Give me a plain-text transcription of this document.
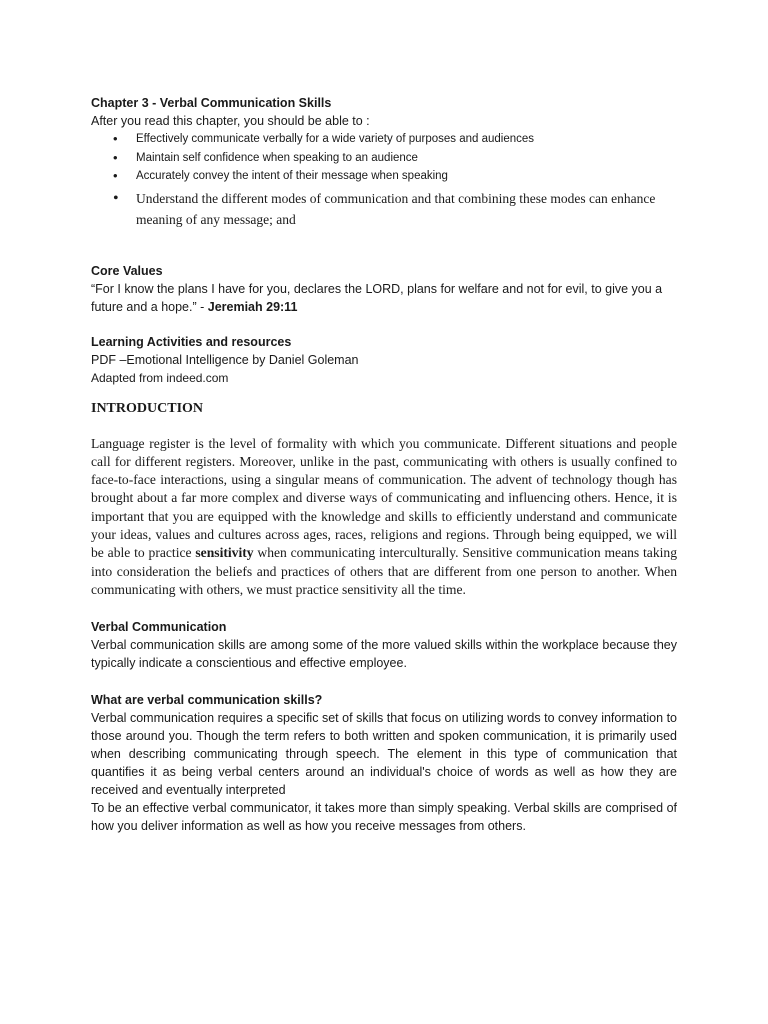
Chapter 3 - Verbal Communication Skills

After you read this chapter, you should be able to :

• Effectively communicate verbally for a wide variety of purposes and audiences
• Maintain self confidence when speaking to an audience
• Accurately convey the intent of their message when speaking
• Understand the different modes of communication and that combining these modes can enhance meaning of any message; and

Core Values

“For I know the plans I have for you, declares the LORD, plans for welfare and not for evil, to give you a future and a hope.” - Jeremiah 29:11

Learning Activities and resources

PDF –Emotional Intelligence by Daniel Goleman

Adapted from indeed.com

INTRODUCTION

Language register is the level of formality with which you communicate. Different situations and people call for different registers. Moreover, unlike in the past, communicating with others is usually confined to face-to-face interactions, using a singular means of communication. The advent of technology though has brought about a far more complex and diverse ways of communicating and influencing others. Hence, it is important that you are equipped with the knowledge and skills to efficiently understand and communicate your ideas, values and cultures across ages, races, religions and regions. Through being equipped, we will be able to practice sensitivity when communicating interculturally. Sensitive communication means taking into consideration the beliefs and practices of others that are different from one person to another. When communicating with others, we must practice sensitivity all the time.

Verbal Communication

Verbal communication skills are among some of the more valued skills within the workplace because they typically indicate a conscientious and effective employee.

What are verbal communication skills?

Verbal communication requires a specific set of skills that focus on utilizing words to convey information to those around you. Though the term refers to both written and spoken communication, it is primarily used when describing communicating through speech. The element in this type of communication that quantifies it as being verbal centers around an individual's choice of words as well as how they are received and eventually interpreted

To be an effective verbal communicator, it takes more than simply speaking. Verbal skills are comprised of how you deliver information as well as how you receive messages from others.
